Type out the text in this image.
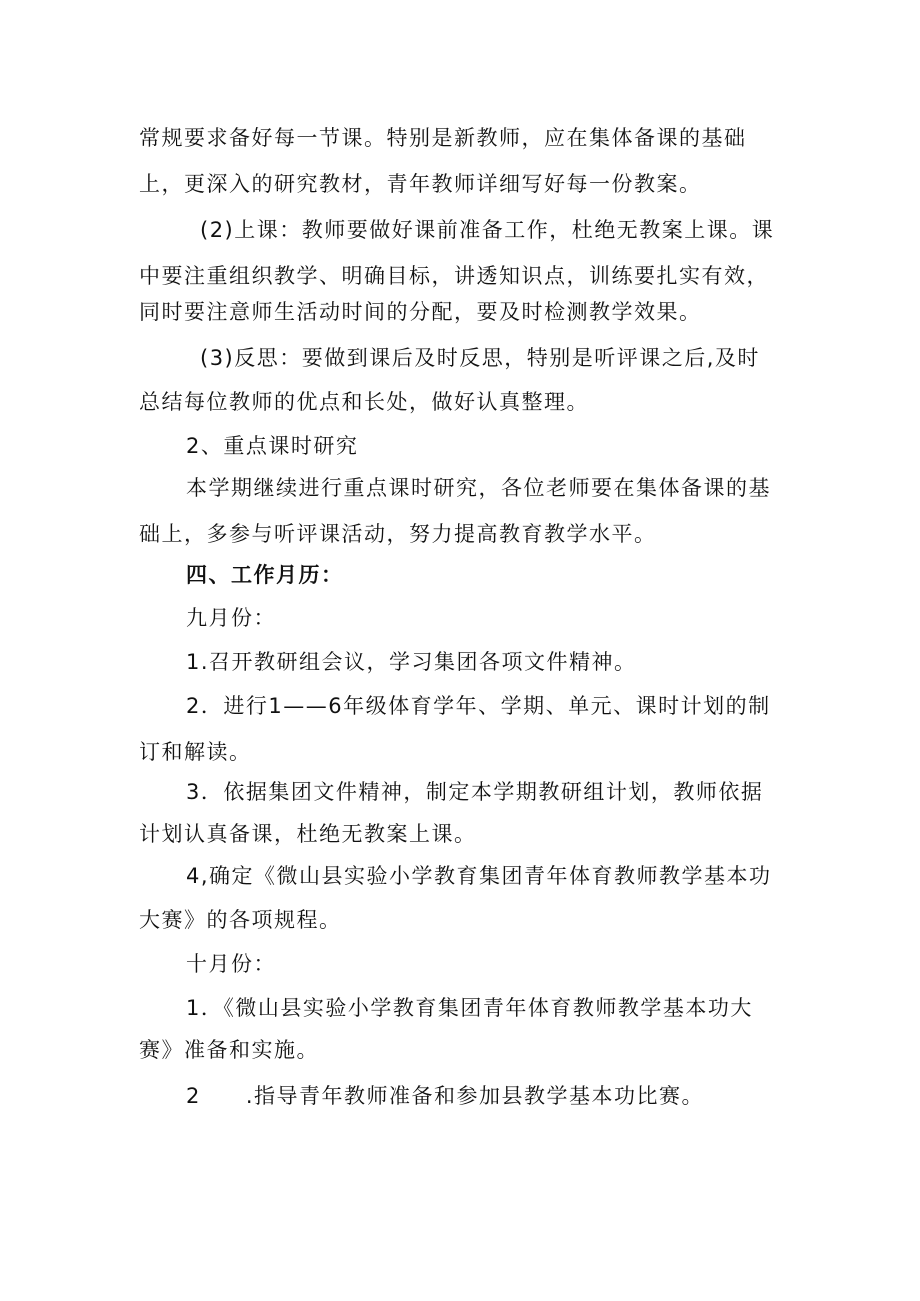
常规要求备好每一节课。特别是新教师，应在集体备课的基础

上，更深入的研究教材，青年教师详细写好每一份教案。

(2)上课：教师要做好课前准备工作，杜绝无教案上课。课

中要注重组织教学、明确目标，讲透知识点，训练要扎实有效，

同时要注意师生活动时间的分配，要及时检测教学效果。

(3)反思：要做到课后及时反思，特别是听评课之后,及时

总结每位教师的优点和长处，做好认真整理。

2、重点课时研究

本学期继续进行重点课时研究，各位老师要在集体备课的基

础上，多参与听评课活动，努力提高教育教学水平。

四、工作月历：

九月份：

1.召开教研组会议，学习集团各项文件精神。

2．进行1——6年级体育学年、学期、单元、课时计划的制

订和解读。

3．依据集团文件精神，制定本学期教研组计划，教师依据

计划认真备课，杜绝无教案上课。

4,确定《微山县实验小学教育集团青年体育教师教学基本功

大赛》的各项规程。

十月份：

1．《微山县实验小学教育集团青年体育教师教学基本功大

赛》准备和实施。

2　　.指导青年教师准备和参加县教学基本功比赛。
